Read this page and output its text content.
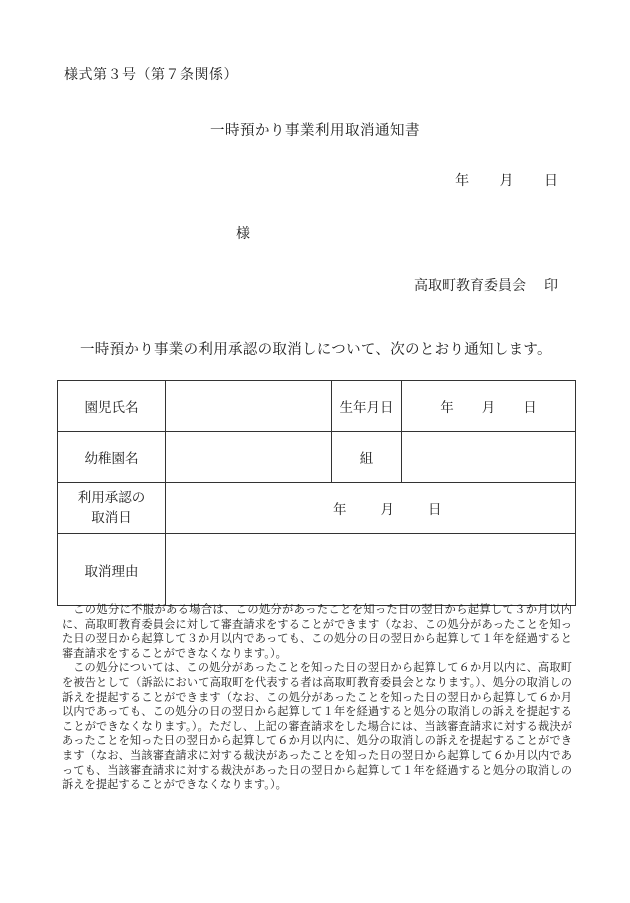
様式第３号（第７条関係）
一時預かり事業利用取消通知書
年 月 日
様
高取町教育委員会 印
一時預かり事業の利用承認の取消しについて、次のとおり通知します。
園児氏名		生年月日	年 月 日
幼稚園名		組	

利用承認の
取消日	年 月 日		
取消理由			

この処分に不服がある場合は、この処分があったことを知った日の翌日から起算して３か月以内に、高取町教育委員会に対して審査請求をすることができます（なお、この処分があったことを知った日の翌日から起算して３か月以内であっても、この処分の日の翌日から起算して１年を経過すると審査請求をすることができなくなります。）。

この処分については、この処分があったことを知った日の翌日から起算して６か月以内に、高取町を被告として（訴訟において高取町を代表する者は高取町教育委員会となります。）、処分の取消しの訴えを提起することができます（なお、この処分があったことを知った日の翌日から起算して６か月以内であっても、この処分の日の翌日から起算して１年を経過すると処分の取消しの訴えを提起することができなくなります。）。ただし、上記の審査請求をした場合には、当該審査請求に対する裁決があったことを知った日の翌日から起算して６か月以内に、処分の取消しの訴えを提起することができます（なお、当該審査請求に対する裁決があったことを知った日の翌日から起算して６か月以内であっても、当該審査請求に対する裁決があった日の翌日から起算して１年を経過すると処分の取消しの訴えを提起することができなくなります。）。
